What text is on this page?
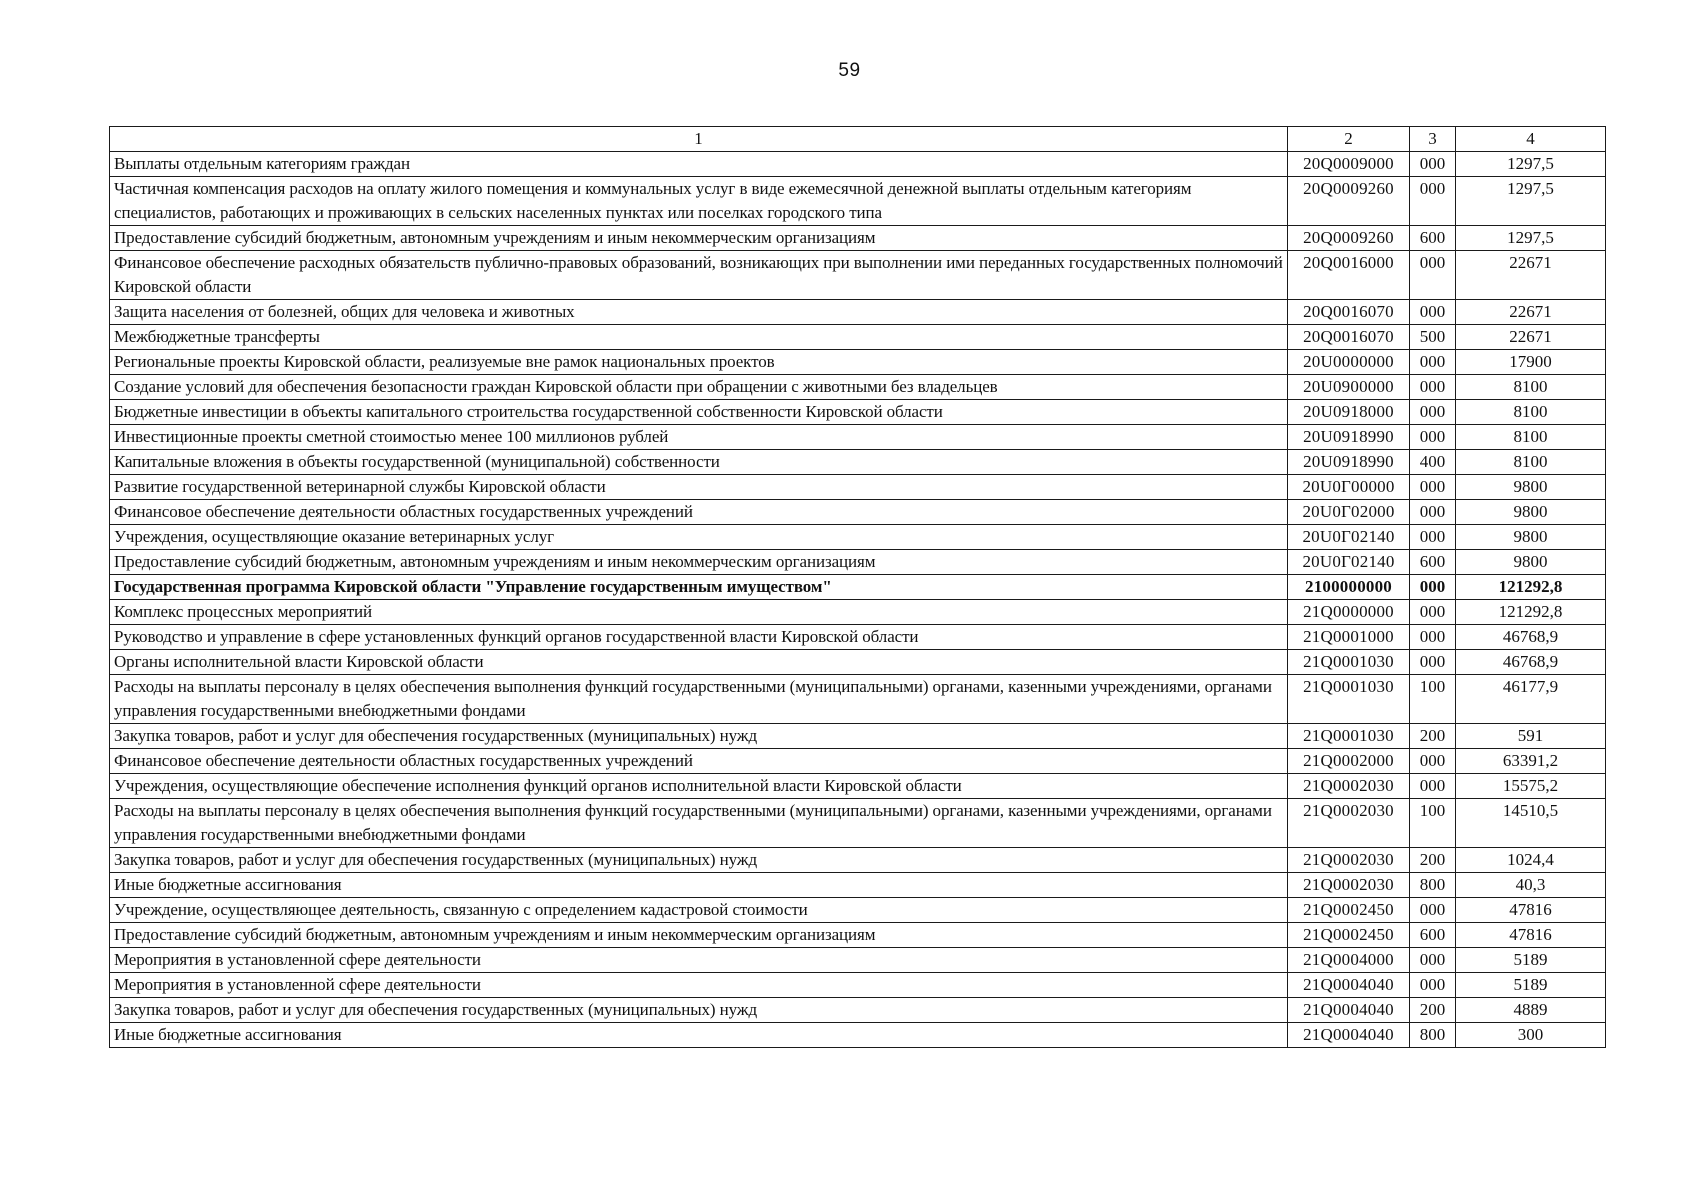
59
1	2	3	4
Выплаты отдельным категориям граждан	20Q0009000	000	1297,5
Частичная компенсация расходов на оплату жилого помещения и коммунальных услуг в виде ежемесячной денежной выплаты отдельным категориям специалистов, работающих и проживающих в сельских населенных пунктах или поселках городского типа	20Q0009260	000	1297,5
Предоставление субсидий бюджетным, автономным учреждениям и иным некоммерческим организациям	20Q0009260	600	1297,5
Финансовое обеспечение расходных обязательств публично-правовых образований, возникающих при выполнении ими переданных государственных полномочий Кировской области	20Q0016000	000	22671
Защита населения от болезней, общих для человека и животных	20Q0016070	000	22671
Межбюджетные трансферты	20Q0016070	500	22671
Региональные проекты Кировской области, реализуемые вне рамок национальных проектов	20U0000000	000	17900
Создание условий для обеспечения безопасности граждан Кировской области при обращении с животными без владельцев	20U0900000	000	8100
Бюджетные инвестиции в объекты капитального строительства государственной собственности Кировской области	20U0918000	000	8100
Инвестиционные проекты сметной стоимостью менее 100 миллионов рублей	20U0918990	000	8100
Капитальные вложения в объекты государственной (муниципальной) собственности	20U0918990	400	8100
Развитие государственной ветеринарной службы Кировской области	20U0Г00000	000	9800
Финансовое обеспечение деятельности областных государственных учреждений	20U0Г02000	000	9800
Учреждения, осуществляющие оказание ветеринарных услуг	20U0Г02140	000	9800
Предоставление субсидий бюджетным, автономным учреждениям и иным некоммерческим организациям	20U0Г02140	600	9800
Государственная программа Кировской области "Управление государственным имуществом"	2100000000	000	121292,8
Комплекс процессных мероприятий	21Q0000000	000	121292,8
Руководство и управление в сфере установленных функций органов государственной власти Кировской области	21Q0001000	000	46768,9
Органы исполнительной власти Кировской области	21Q0001030	000	46768,9
Расходы на выплаты персоналу в целях обеспечения выполнения функций государственными (муниципальными) органами, казенными учреждениями, органами управления государственными внебюджетными фондами	21Q0001030	100	46177,9
Закупка товаров, работ и услуг для обеспечения государственных (муниципальных) нужд	21Q0001030	200	591
Финансовое обеспечение деятельности областных государственных учреждений	21Q0002000	000	63391,2
Учреждения, осуществляющие обеспечение исполнения функций органов исполнительной власти Кировской области	21Q0002030	000	15575,2
Расходы на выплаты персоналу в целях обеспечения выполнения функций государственными (муниципальными) органами, казенными учреждениями, органами управления государственными внебюджетными фондами	21Q0002030	100	14510,5
Закупка товаров, работ и услуг для обеспечения государственных (муниципальных) нужд	21Q0002030	200	1024,4
Иные бюджетные ассигнования	21Q0002030	800	40,3
Учреждение, осуществляющее деятельность, связанную с определением кадастровой стоимости	21Q0002450	000	47816
Предоставление субсидий бюджетным, автономным учреждениям и иным некоммерческим организациям	21Q0002450	600	47816
Мероприятия в установленной сфере деятельности	21Q0004000	000	5189
Мероприятия в установленной сфере деятельности	21Q0004040	000	5189
Закупка товаров, работ и услуг для обеспечения государственных (муниципальных) нужд	21Q0004040	200	4889
Иные бюджетные ассигнования	21Q0004040	800	300
